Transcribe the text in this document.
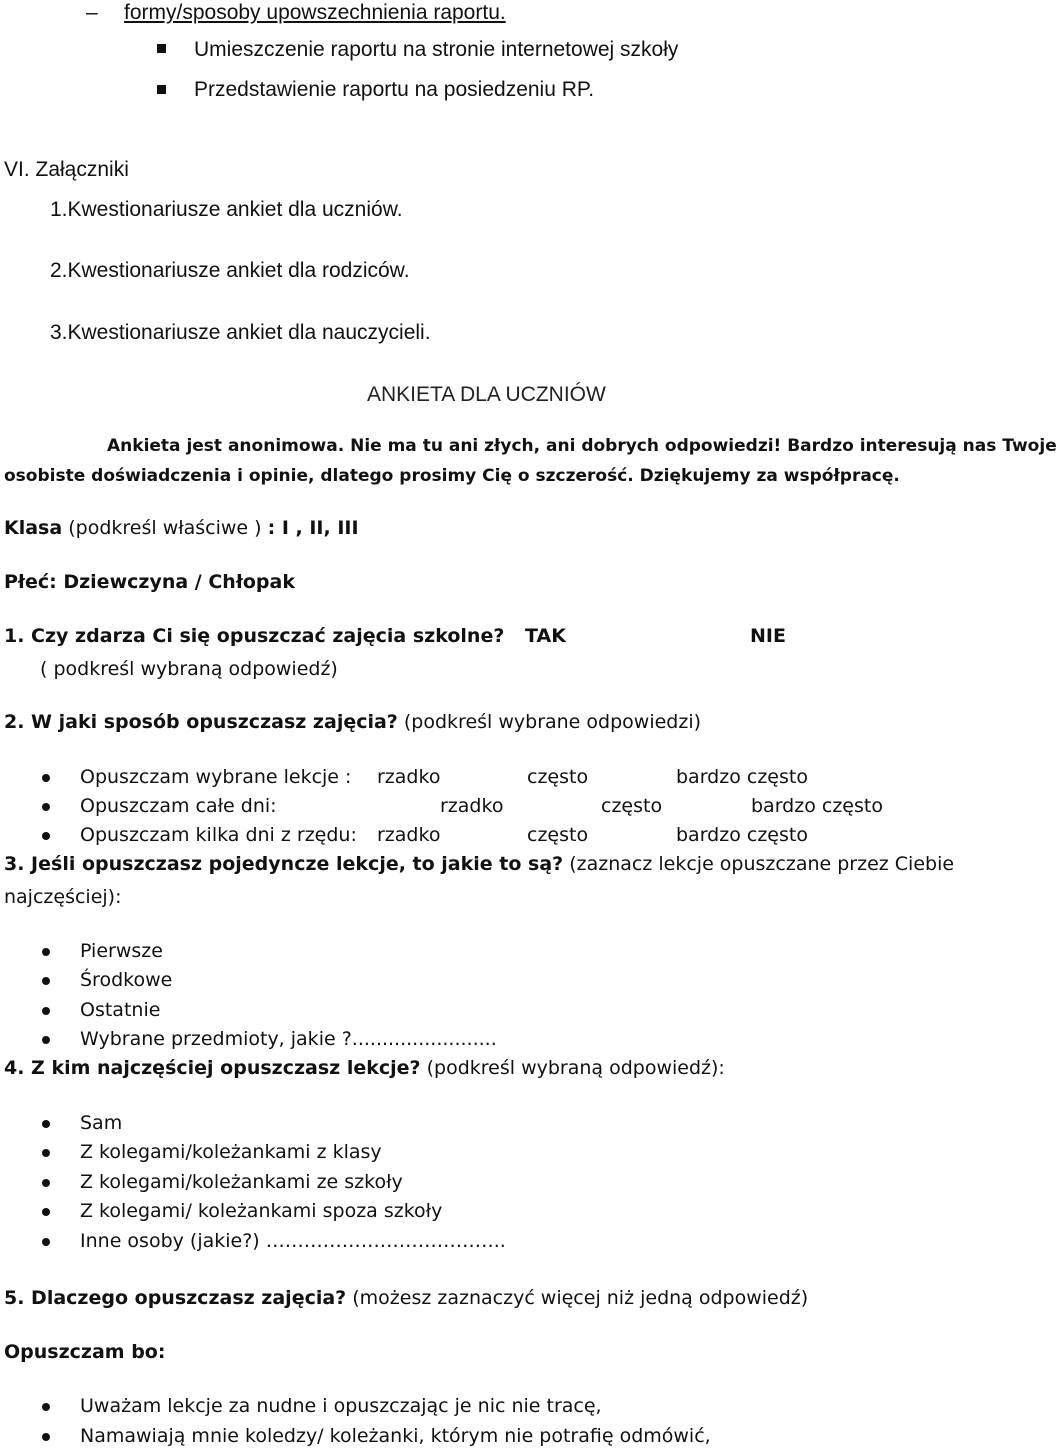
– formy/sposoby upowszechnienia raportu.
Umieszczenie raportu na stronie internetowej szkoły
Przedstawienie raportu na posiedzeniu RP.
VI. Załączniki
1.Kwestionariusze ankiet dla uczniów.
2.Kwestionariusze ankiet dla rodziców.
3.Kwestionariusze ankiet dla nauczycieli.
ANKIETA DLA UCZNIÓW
Ankieta jest anonimowa. Nie ma tu ani złych, ani dobrych odpowiedzi! Bardzo interesują nas Twoje
osobiste doświadczenia i opinie, dlatego prosimy Cię o szczerość. Dziękujemy za współpracę.
Klasa (podkreśl właściwe ) : I , II, III
Płeć: Dziewczyna / Chłopak
1. Czy zdarza Ci się opuszczać zajęcia szkolne? TAK	NIE
( podkreśl wybraną odpowiedź)
2. W jaki sposób opuszczasz zajęcia? (podkreśl wybrane odpowiedzi)
Opuszczam wybrane lekcje : rzadko	często	bardzo często
Opuszczam całe dni:	rzadko	często	bardzo często
Opuszczam kilka dni z rzędu: rzadko	często	bardzo często
3. Jeśli opuszczasz pojedyncze lekcje, to jakie to są? (zaznacz lekcje opuszczane przez Ciebie
najczęściej):
Pierwsze
Środkowe
Ostatnie
Wybrane przedmioty, jakie ?........................
4. Z kim najczęściej opuszczasz lekcje? (podkreśl wybraną odpowiedź):
Sam
Z kolegami/koleżankami z klasy
Z kolegami/koleżankami ze szkoły
Z kolegami/ koleżankami spoza szkoły
Inne osoby (jakie?) ………………………………..
5. Dlaczego opuszczasz zajęcia? (możesz zaznaczyć więcej niż jedną odpowiedź)
Opuszczam bo:
Uważam lekcje za nudne i opuszczając je nic nie tracę,
Namawiają mnie koledzy/ koleżanki, którym nie potrafię odmówić,
